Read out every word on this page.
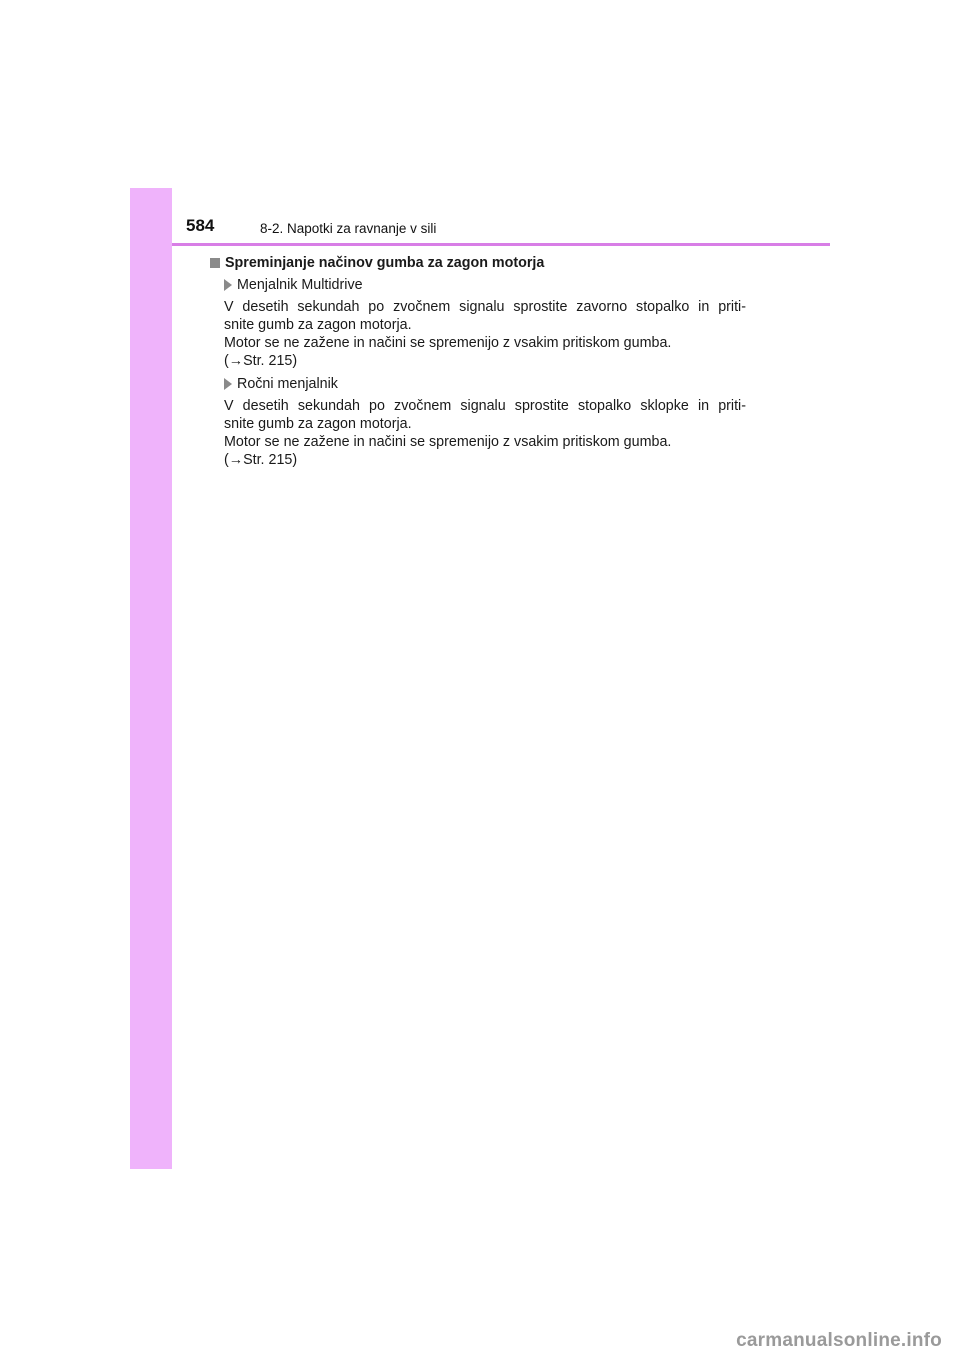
584	8-2. Napotki za ravnanje v sili
Spreminjanje načinov gumba za zagon motorja
Menjalnik Multidrive
V desetih sekundah po zvočnem signalu sprostite zavorno stopalko in priti-
snite gumb za zagon motorja.
Motor se ne zažene in načini se spremenijo z vsakim pritiskom gumba.
(→Str. 215)
Ročni menjalnik
V desetih sekundah po zvočnem signalu sprostite stopalko sklopke in priti-
snite gumb za zagon motorja.
Motor se ne zažene in načini se spremenijo z vsakim pritiskom gumba.
(→Str. 215)
carmanualsonline.info
